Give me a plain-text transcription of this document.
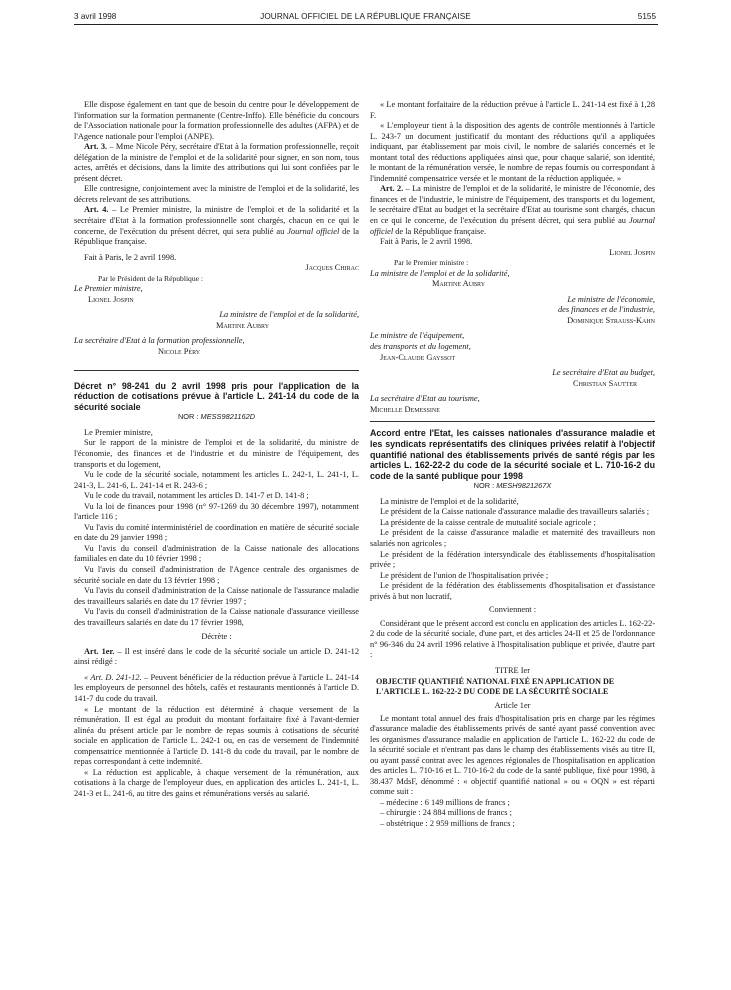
3 avril 1998	JOURNAL OFFICIEL DE LA RÉPUBLIQUE FRANÇAISE	5155

Elle dispose également en tant que de besoin du centre pour le développement de l'information sur la formation permanente (Centre-Inffo). Elle bénéficie du concours de l'Association nationale pour la formation professionnelle des adultes (AFPA) et de l'Agence nationale pour l'emploi (ANPE).

Art. 3. – Mme Nicole Péry, secrétaire d'Etat à la formation professionnelle, reçoit délégation de la ministre de l'emploi et de la solidarité pour signer, en son nom, tous actes, arrêtés et décisions, dans la limite des attributions qui lui sont confiées par le présent décret.

Elle contresigne, conjointement avec la ministre de l'emploi et de la solidarité, les décrets relevant de ses attributions.

Art. 4. – Le Premier ministre, la ministre de l'emploi et de la solidarité et la secrétaire d'Etat à la formation professionnelle sont chargés, chacun en ce qui le concerne, de l'exécution du présent décret, qui sera publié au Journal officiel de la République française.

Fait à Paris, le 2 avril 1998.

Jacques Chirac
Par le Président de la République :
Le Premier ministre,
Lionel Jospin
La ministre de l'emploi et de la solidarité,
Martine Aubry
La secrétaire d'Etat à la formation professionnelle,
Nicole Péry
Décret n° 98-241 du 2 avril 1998 pris pour l'application de la réduction de cotisations prévue à l'article L. 241-14 du code de la sécurité sociale
NOR : MESS9821162D

Le Premier ministre,

Sur le rapport de la ministre de l'emploi et de la solidarité, du ministre de l'économie, des finances et de l'industrie et du ministre de l'équipement, des transports et du logement,

Vu le code de la sécurité sociale, notamment les articles L. 242-1, L. 241-1, L. 241-3, L. 241-6, L. 241-14 et R. 243-6 ;

Vu le code du travail, notamment les articles D. 141-7 et D. 141-8 ;

Vu la loi de finances pour 1998 (n° 97-1269 du 30 décembre 1997), notamment l'article 116 ;

Vu l'avis du comité interministériel de coordination en matière de sécurité sociale en date du 29 janvier 1998 ;

Vu l'avis du conseil d'administration de la Caisse nationale des allocations familiales en date du 10 février 1998 ;

Vu l'avis du conseil d'administration de l'Agence centrale des organismes de sécurité sociale en date du 13 février 1998 ;

Vu l'avis du conseil d'administration de la Caisse nationale de l'assurance maladie des travailleurs salariés en date du 17 février 1997 ;

Vu l'avis du conseil d'administration de la Caisse nationale d'assurance vieillesse des travailleurs salariés en date du 17 février 1998,

Décrète :

Art. 1er. – Il est inséré dans le code de la sécurité sociale un article D. 241-12 ainsi rédigé :

« Art. D. 241-12. – Peuvent bénéficier de la réduction prévue à l'article L. 241-14 les employeurs de personnel des hôtels, cafés et restaurants mentionnés à l'article D. 141-7 du code du travail.

« Le montant de la réduction est déterminé à chaque versement de la rémunération. Il est égal au produit du montant forfaitaire fixé à l'avant-dernier alinéa du présent article par le nombre de repas soumis à cotisations de sécurité sociale en application de l'article L. 242-1 ou, en cas de versement de l'indemnité compensatrice mentionnée à l'article D. 141-8 du code du travail, par le nombre de repas correspondant à cette indemnité.

« La réduction est applicable, à chaque versement de la rémunération, aux cotisations à la charge de l'employeur dues, en application des articles L. 241-1, L. 241-3 et L. 241-6, au titre des gains et rémunérations versés au salarié.

« Le montant forfaitaire de la réduction prévue à l'article L. 241-14 est fixé à 1,28 F.

« L'employeur tient à la disposition des agents de contrôle mentionnés à l'article L. 243-7 un document justificatif du montant des réductions qu'il a appliquées indiquant, par établissement par mois civil, le nombre de salariés concernés et le montant total des réductions appliquées ainsi que, pour chaque salarié, son identité, le montant de la rémunération versée, le nombre de repas fournis ou correspondant à l'indemnité compensatrice versée et le montant de la réduction appliquée. »

Art. 2. – La ministre de l'emploi et de la solidarité, le ministre de l'économie, des finances et de l'industrie, le ministre de l'équipement, des transports et du logement, le secrétaire d'Etat au budget et la secrétaire d'Etat au tourisme sont chargés, chacun en ce qui le concerne, de l'exécution du présent décret, qui sera publié au Journal officiel de la République française.

Fait à Paris, le 2 avril 1998.

Lionel Jospin
Par le Premier ministre :
La ministre de l'emploi et de la solidarité,
Martine Aubry
Le ministre de l'économie,
des finances et de l'industrie,
Dominique Strauss-Kahn
Le ministre de l'équipement,
des transports et du logement,
Jean-Claude Gayssot
Le secrétaire d'Etat au budget,
Christian Sautter
La secrétaire d'Etat au tourisme,
Michelle Demessine
Accord entre l'Etat, les caisses nationales d'assurance maladie et les syndicats représentatifs des cliniques privées relatif à l'objectif quantifié national des établissements privés de santé régis par les articles L. 162-22-2 du code de la sécurité sociale et L. 710-16-2 du code de la santé publique pour 1998
NOR : MESH9821267X

La ministre de l'emploi et de la solidarité,

Le président de la Caisse nationale d'assurance maladie des travailleurs salariés ;

La présidente de la caisse centrale de mutualité sociale agricole ;

Le président de la caisse d'assurance maladie et maternité des travailleurs non salariés non agricoles ;

Le président de la fédération intersyndicale des établissements d'hospitalisation privée ;

Le président de l'union de l'hospitalisation privée ;

Le président de la fédération des établissements d'hospitalisation et d'assistance privés à but non lucratif,

Conviennent :

Considérant que le présent accord est conclu en application des articles L. 162-22-2 du code de la sécurité sociale, d'une part, et des articles 24-II et 25 de l'ordonnance n° 96-346 du 24 avril 1996 relative à l'hospitalisation publique et privée, d'autre part :

TITRE Ier
OBJECTIF QUANTIFIÉ NATIONAL FIXÉ EN APPLICATION DE L'ARTICLE L. 162-22-2 DU CODE DE LA SÉCURITÉ SOCIALE
Article 1er

Le montant total annuel des frais d'hospitalisation pris en charge par les régimes d'assurance maladie des établissements privés de santé ayant passé convention avec les organismes d'assurance maladie en application de l'article L. 162-22 du code de la sécurité sociale et n'entrant pas dans le champ des établissements visés au titre II, ou ayant passé contrat avec les agences régionales de l'hospitalisation en application des articles L. 710-16 et L. 710-16-2 du code de la santé publique, fixé pour 1998, à 38.437 MdsF, dénommé : « objectif quantifié national » ou « OQN » est réparti comme suit :

– médecine : 6 149 millions de francs ;

– chirurgie : 24 884 millions de francs ;

– obstétrique : 2 959 millions de francs ;
